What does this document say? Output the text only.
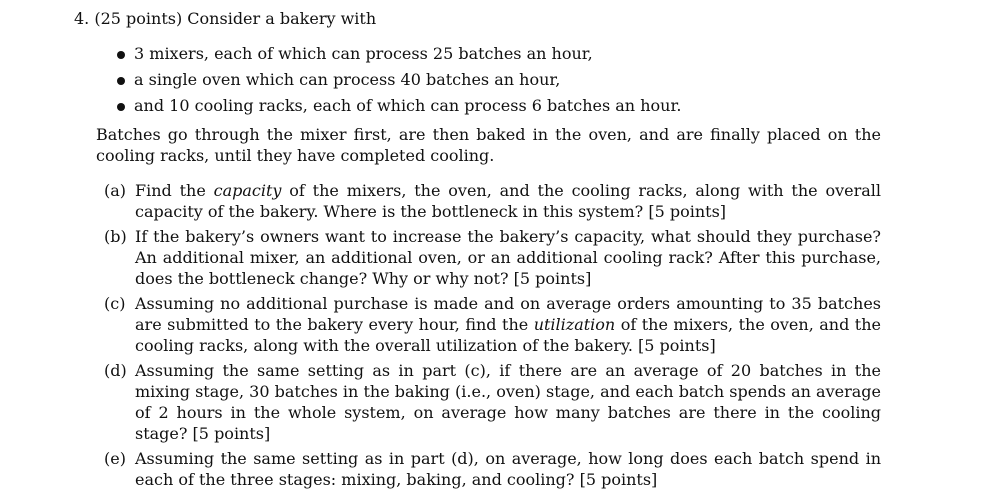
4. (25 points) Consider a bakery with
3 mixers, each of which can process 25 batches an hour,
a single oven which can process 40 batches an hour,
and 10 cooling racks, each of which can process 6 batches an hour.
Batches go through the mixer first, are then baked in the oven, and are finally placed on the cooling racks, until they have completed cooling.
(a) Find the capacity of the mixers, the oven, and the cooling racks, along with the overall capacity of the bakery. Where is the bottleneck in this system? [5 points]
(b) If the bakery’s owners want to increase the bakery’s capacity, what should they purchase? An additional mixer, an additional oven, or an additional cooling rack? After this purchase, does the bottleneck change? Why or why not? [5 points]
(c) Assuming no additional purchase is made and on average orders amounting to 35 batches are submitted to the bakery every hour, find the utilization of the mixers, the oven, and the cooling racks, along with the overall utilization of the bakery. [5 points]
(d) Assuming the same setting as in part (c), if there are an average of 20 batches in the mixing stage, 30 batches in the baking (i.e., oven) stage, and each batch spends an average of 2 hours in the whole system, on average how many batches are there in the cooling stage? [5 points]
(e) Assuming the same setting as in part (d), on average, how long does each batch spend in each of the three stages: mixing, baking, and cooling? [5 points]
